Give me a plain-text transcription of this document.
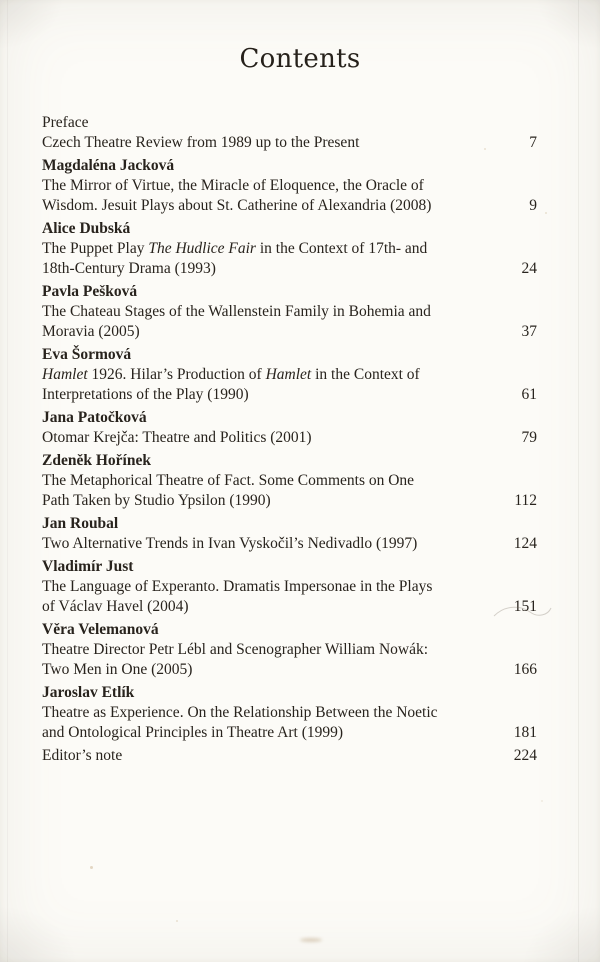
Contents
Preface
Czech Theatre Review from 1989 up to the Present	7
Magdaléna Jacková
The Mirror of Virtue, the Miracle of Eloquence, the Oracle of
Wisdom. Jesuit Plays about St. Catherine of Alexandria (2008)	9
Alice Dubská
The Puppet Play The Hudlice Fair in the Context of 17th- and
18th-Century Drama (1993)	24
Pavla Pešková
The Chateau Stages of the Wallenstein Family in Bohemia and
Moravia (2005)	37
Eva Šormová
Hamlet 1926. Hilar’s Production of Hamlet in the Context of
Interpretations of the Play (1990)	61
Jana Patočková
Otomar Krejča: Theatre and Politics (2001)	79
Zdeněk Hořínek
The Metaphorical Theatre of Fact. Some Comments on One
Path Taken by Studio Ypsilon (1990)	112
Jan Roubal
Two Alternative Trends in Ivan Vyskočil’s Nedivadlo (1997)	124
Vladimír Just
The Language of Experanto. Dramatis Impersonae in the Plays
of Václav Havel (2004)	151
Věra Velemanová
Theatre Director Petr Lébl and Scenographer William Nowák:
Two Men in One (2005)	166
Jaroslav Etlík
Theatre as Experience. On the Relationship Between the Noetic
and Ontological Principles in Theatre Art (1999)	181
Editor’s note	224
